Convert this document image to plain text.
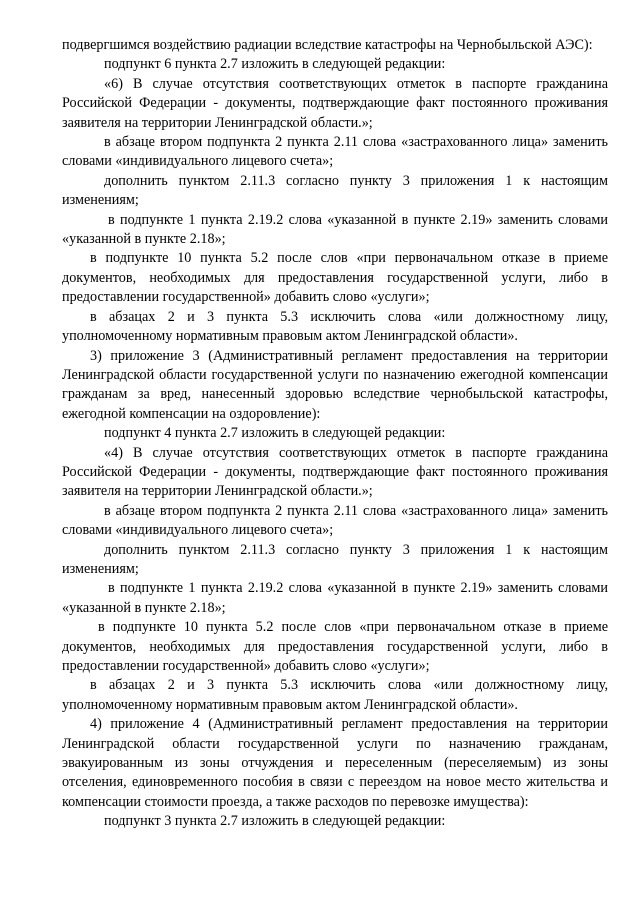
подвергшимся воздействию радиации вследствие катастрофы на Чернобыльской АЭС):

подпункт 6 пункта 2.7 изложить в следующей редакции:

«6) В случае отсутствия соответствующих отметок в паспорте гражданина Российской Федерации - документы, подтверждающие факт постоянного проживания заявителя на территории Ленинградской области.»;

в абзаце втором подпункта 2 пункта 2.11 слова «застрахованного лица» заменить словами «индивидуального лицевого счета»;

дополнить пунктом 2.11.3 согласно пункту 3 приложения 1 к настоящим изменениям;

в подпункте 1 пункта 2.19.2 слова «указанной в пункте 2.19» заменить словами «указанной в пункте 2.18»;

в подпункте 10 пункта 5.2 после слов «при первоначальном отказе в приеме документов, необходимых для предоставления государственной услуги, либо в предоставлении государственной» добавить слово «услуги»;

в абзацах 2 и 3 пункта 5.3 исключить слова «или должностному лицу, уполномоченному нормативным правовым актом Ленинградской области».

3) приложение 3 (Административный регламент предоставления на территории Ленинградской области государственной услуги по назначению ежегодной компенсации гражданам за вред, нанесенный здоровью вследствие чернобыльской катастрофы, ежегодной компенсации на оздоровление):

подпункт 4 пункта 2.7 изложить в следующей редакции:

«4) В случае отсутствия соответствующих отметок в паспорте гражданина Российской Федерации - документы, подтверждающие факт постоянного проживания заявителя на территории Ленинградской области.»;

в абзаце втором подпункта 2 пункта 2.11 слова «застрахованного лица» заменить словами «индивидуального лицевого счета»;

дополнить пунктом 2.11.3 согласно пункту 3 приложения 1 к настоящим изменениям;

в подпункте 1 пункта 2.19.2 слова «указанной в пункте 2.19» заменить словами «указанной в пункте 2.18»;

в подпункте 10 пункта 5.2 после слов «при первоначальном отказе в приеме документов, необходимых для предоставления государственной услуги, либо в предоставлении государственной» добавить слово «услуги»;

в абзацах 2 и 3 пункта 5.3 исключить слова «или должностному лицу, уполномоченному нормативным правовым актом Ленинградской области».

4) приложение 4 (Административный регламент предоставления на территории Ленинградской области государственной услуги по назначению гражданам, эвакуированным из зоны отчуждения и переселенным (переселяемым) из зоны отселения, единовременного пособия в связи с переездом на новое место жительства и компенсации стоимости проезда, а также расходов по перевозке имущества):

подпункт 3 пункта 2.7 изложить в следующей редакции:
